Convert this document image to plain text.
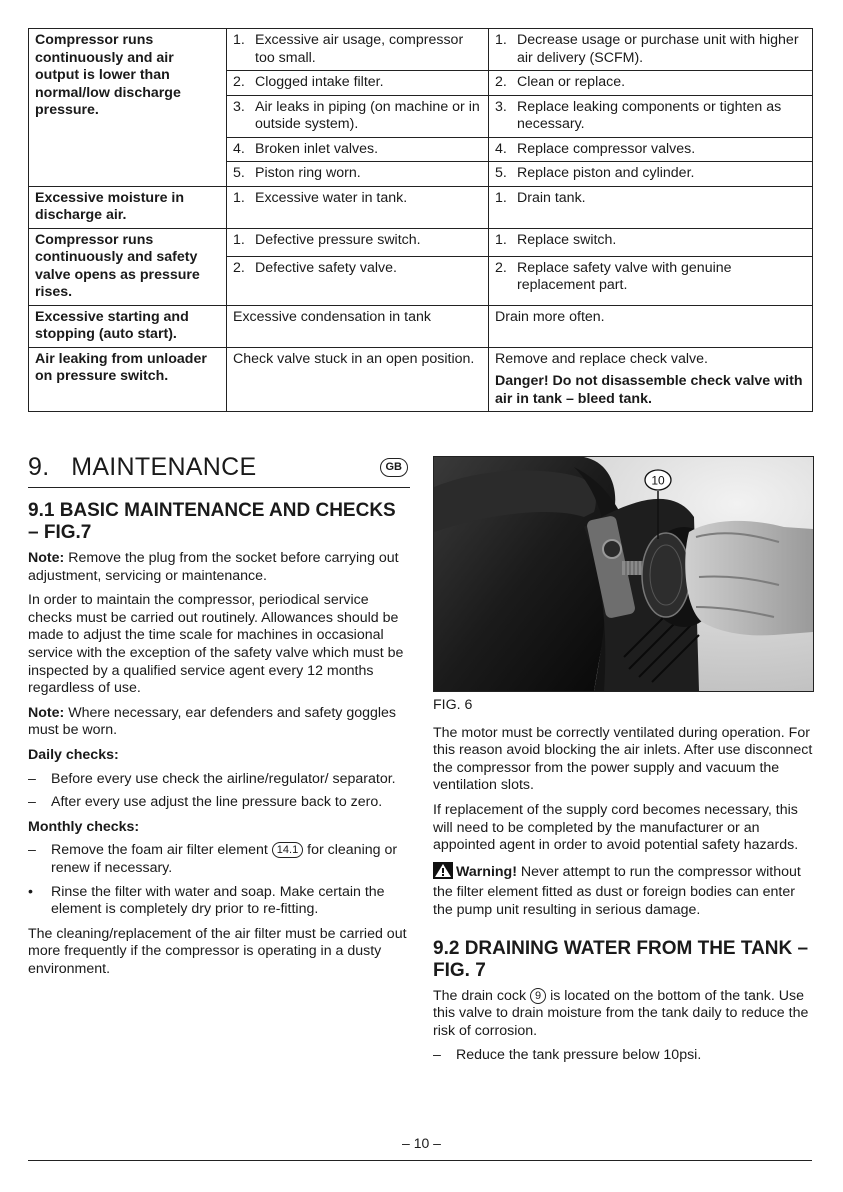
Compressor runs continuously and air output is lower than normal/low discharge pressure.	1. Excessive air usage, compressor too small.	1. Decrease usage or purchase unit with higher air delivery (SCFM).

	2. Clogged intake filter.	2. Clean or replace.

	3. Air leaks in piping (on machine or in outside system).	3. Replace leaking components or tighten as necessary.

	4. Broken inlet valves.	4. Replace compressor valves.

	5. Piston ring worn.	5. Replace piston and cylinder.

Excessive moisture in discharge air.	1. Excessive water in tank.	1. Drain tank.

Compressor runs continuously and safety valve opens as pressure rises.	1. Defective pressure switch.	1. Replace switch.

	2. Defective safety valve.	2. Replace safety valve with genuine replacement part.

Excessive starting and stopping (auto start).	Excessive condensation in tank	Drain more often.
Air leaking from unloader on pressure switch.	Check valve stuck in an open position.	Remove and replace check valve.
Danger! Do not disassemble check valve with air in tank – bleed tank.
9. MAINTENANCE	GB
9.1 BASIC MAINTENANCE AND CHECKS – FIG.7

Note: Remove the plug from the socket before carrying out adjustment, servicing or maintenance.

In order to maintain the compressor, periodical service checks must be carried out routinely. Allowances should be made to adjust the time scale for machines in occasional service with the exception of the safety valve which must be inspected by a qualified service agent every 12 months regardless of use.

Note: Where necessary, ear defenders and safety goggles must be worn.

Daily checks:
–	Before every use check the airline/regulator/ separator.
–	After every use adjust the line pressure back to zero.
Monthly checks:
–	Remove the foam air filter element 14.1 for cleaning or renew if necessary.
•	Rinse the filter with water and soap. Make certain the element is completely dry prior to re-fitting.

The cleaning/replacement of the air filter must be carried out more frequently if the compressor is operating in a dusty environment.

10

FIG. 6

The motor must be correctly ventilated during operation. For this reason avoid blocking the air inlets. After use disconnect the compressor from the power supply and vacuum the ventilation slots.

If replacement of the supply cord becomes necessary, this will need to be completed by the manufacturer or an appointed agent in order to avoid potential safety hazards.

Warning! Never attempt to run the compressor without the filter element fitted as dust or foreign bodies can enter the pump unit resulting in serious damage.

9.2 DRAINING WATER FROM THE TANK – FIG. 7

The drain cock 9 is located on the bottom of the tank. Use this valve to drain moisture from the tank daily to reduce the risk of corrosion.

–	Reduce the tank pressure below 10psi.
– 10 –
